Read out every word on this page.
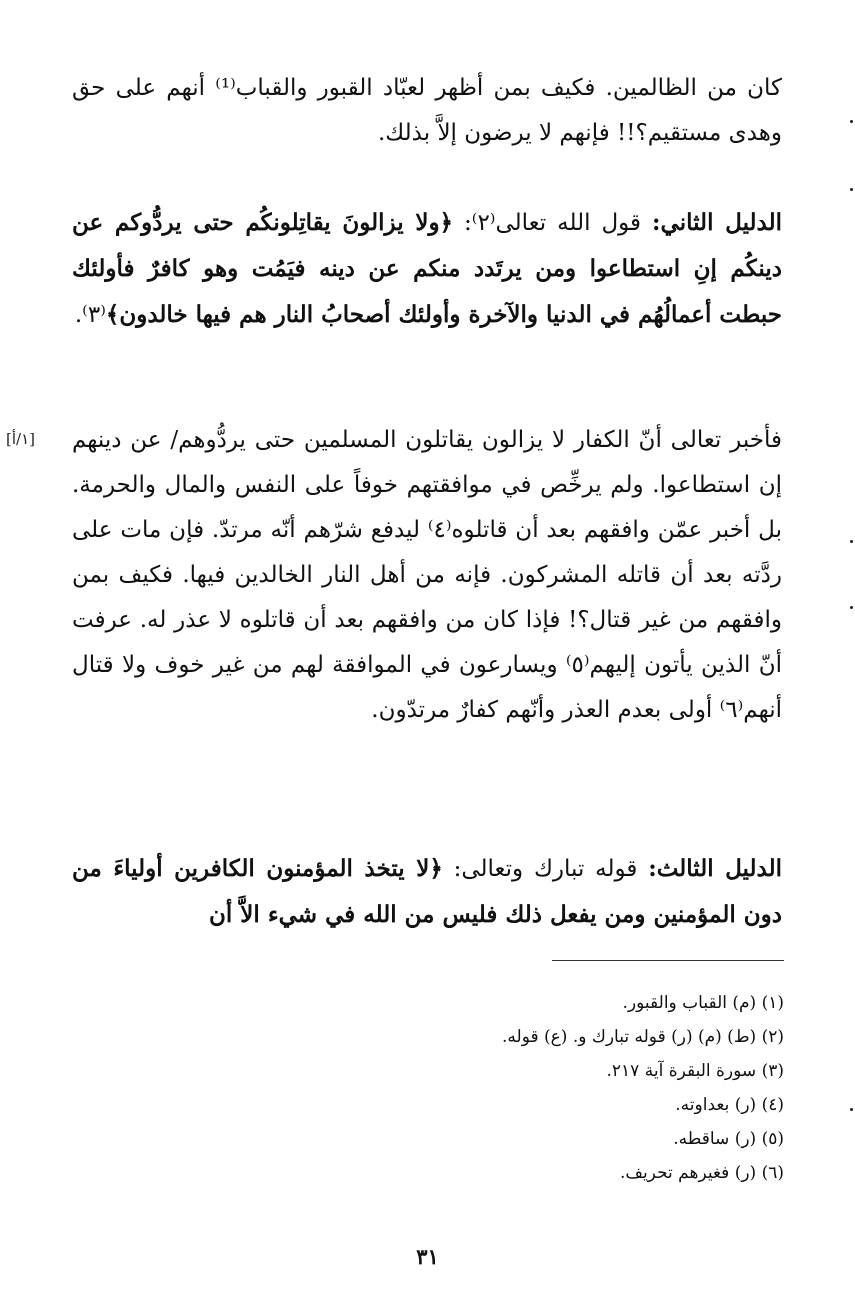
كان من الظالمين. فكيف بمن أظهر لعبّاد القبور والقباب⁽¹⁾ أنهم على حق وهدى مستقيم؟!! فإنهم لا يرضون إلاَّ بذلك.
الدليل الثاني: قول الله تعالى⁽٢⁾: ﴿ولا يزالونَ يقاتِلونكُم حتى يردُّوكم عن دينكُم إنِ استطاعوا ومن يرتَدد منكم عن دينه فيَمُت وهو كافرٌ فأولئك حبطت أعمالُهُم في الدنيا والآخرة وأولئك أصحابُ النار هم فيها خالدون﴾⁽٣⁾.
[١/أ] فأخبر تعالى أنّ الكفار لا يزالون يقاتلون المسلمين حتى يردُّوهم/ عن دينهم إن استطاعوا. ولم يرخِّص في موافقتهم خوفاً على النفس والمال والحرمة. بل أخبر عمّن وافقهم بعد أن قاتلوه⁽٤⁾ ليدفع شرّهم أنّه مرتدّ. فإن مات على ردَّته بعد أن قاتله المشركون. فإنه من أهل النار الخالدين فيها. فكيف بمن وافقهم من غير قتال؟! فإذا كان من وافقهم بعد أن قاتلوه لا عذر له. عرفت أنّ الذين يأتون إليهم⁽٥⁾ ويسارعون في الموافقة لهم من غير خوف ولا قتال أنهم⁽٦⁾ أولى بعدم العذر وأنّهم كفارٌ مرتدّون.
الدليل الثالث: قوله تبارك وتعالى: ﴿لا يتخذ المؤمنون الكافرين أولياءَ من دون المؤمنين ومن يفعل ذلك فليس من الله في شيء الاَّ أن
(١) (م) القباب والقبور.
(٢) (ط) (م) (ر) قوله تبارك و. (ع) قوله.
(٣) سورة البقرة آية ٢١٧.
(٤) (ر) بعداوته.
(٥) (ر) ساقطه.
(٦) (ر) فغيرهم تحريف.
٣١
